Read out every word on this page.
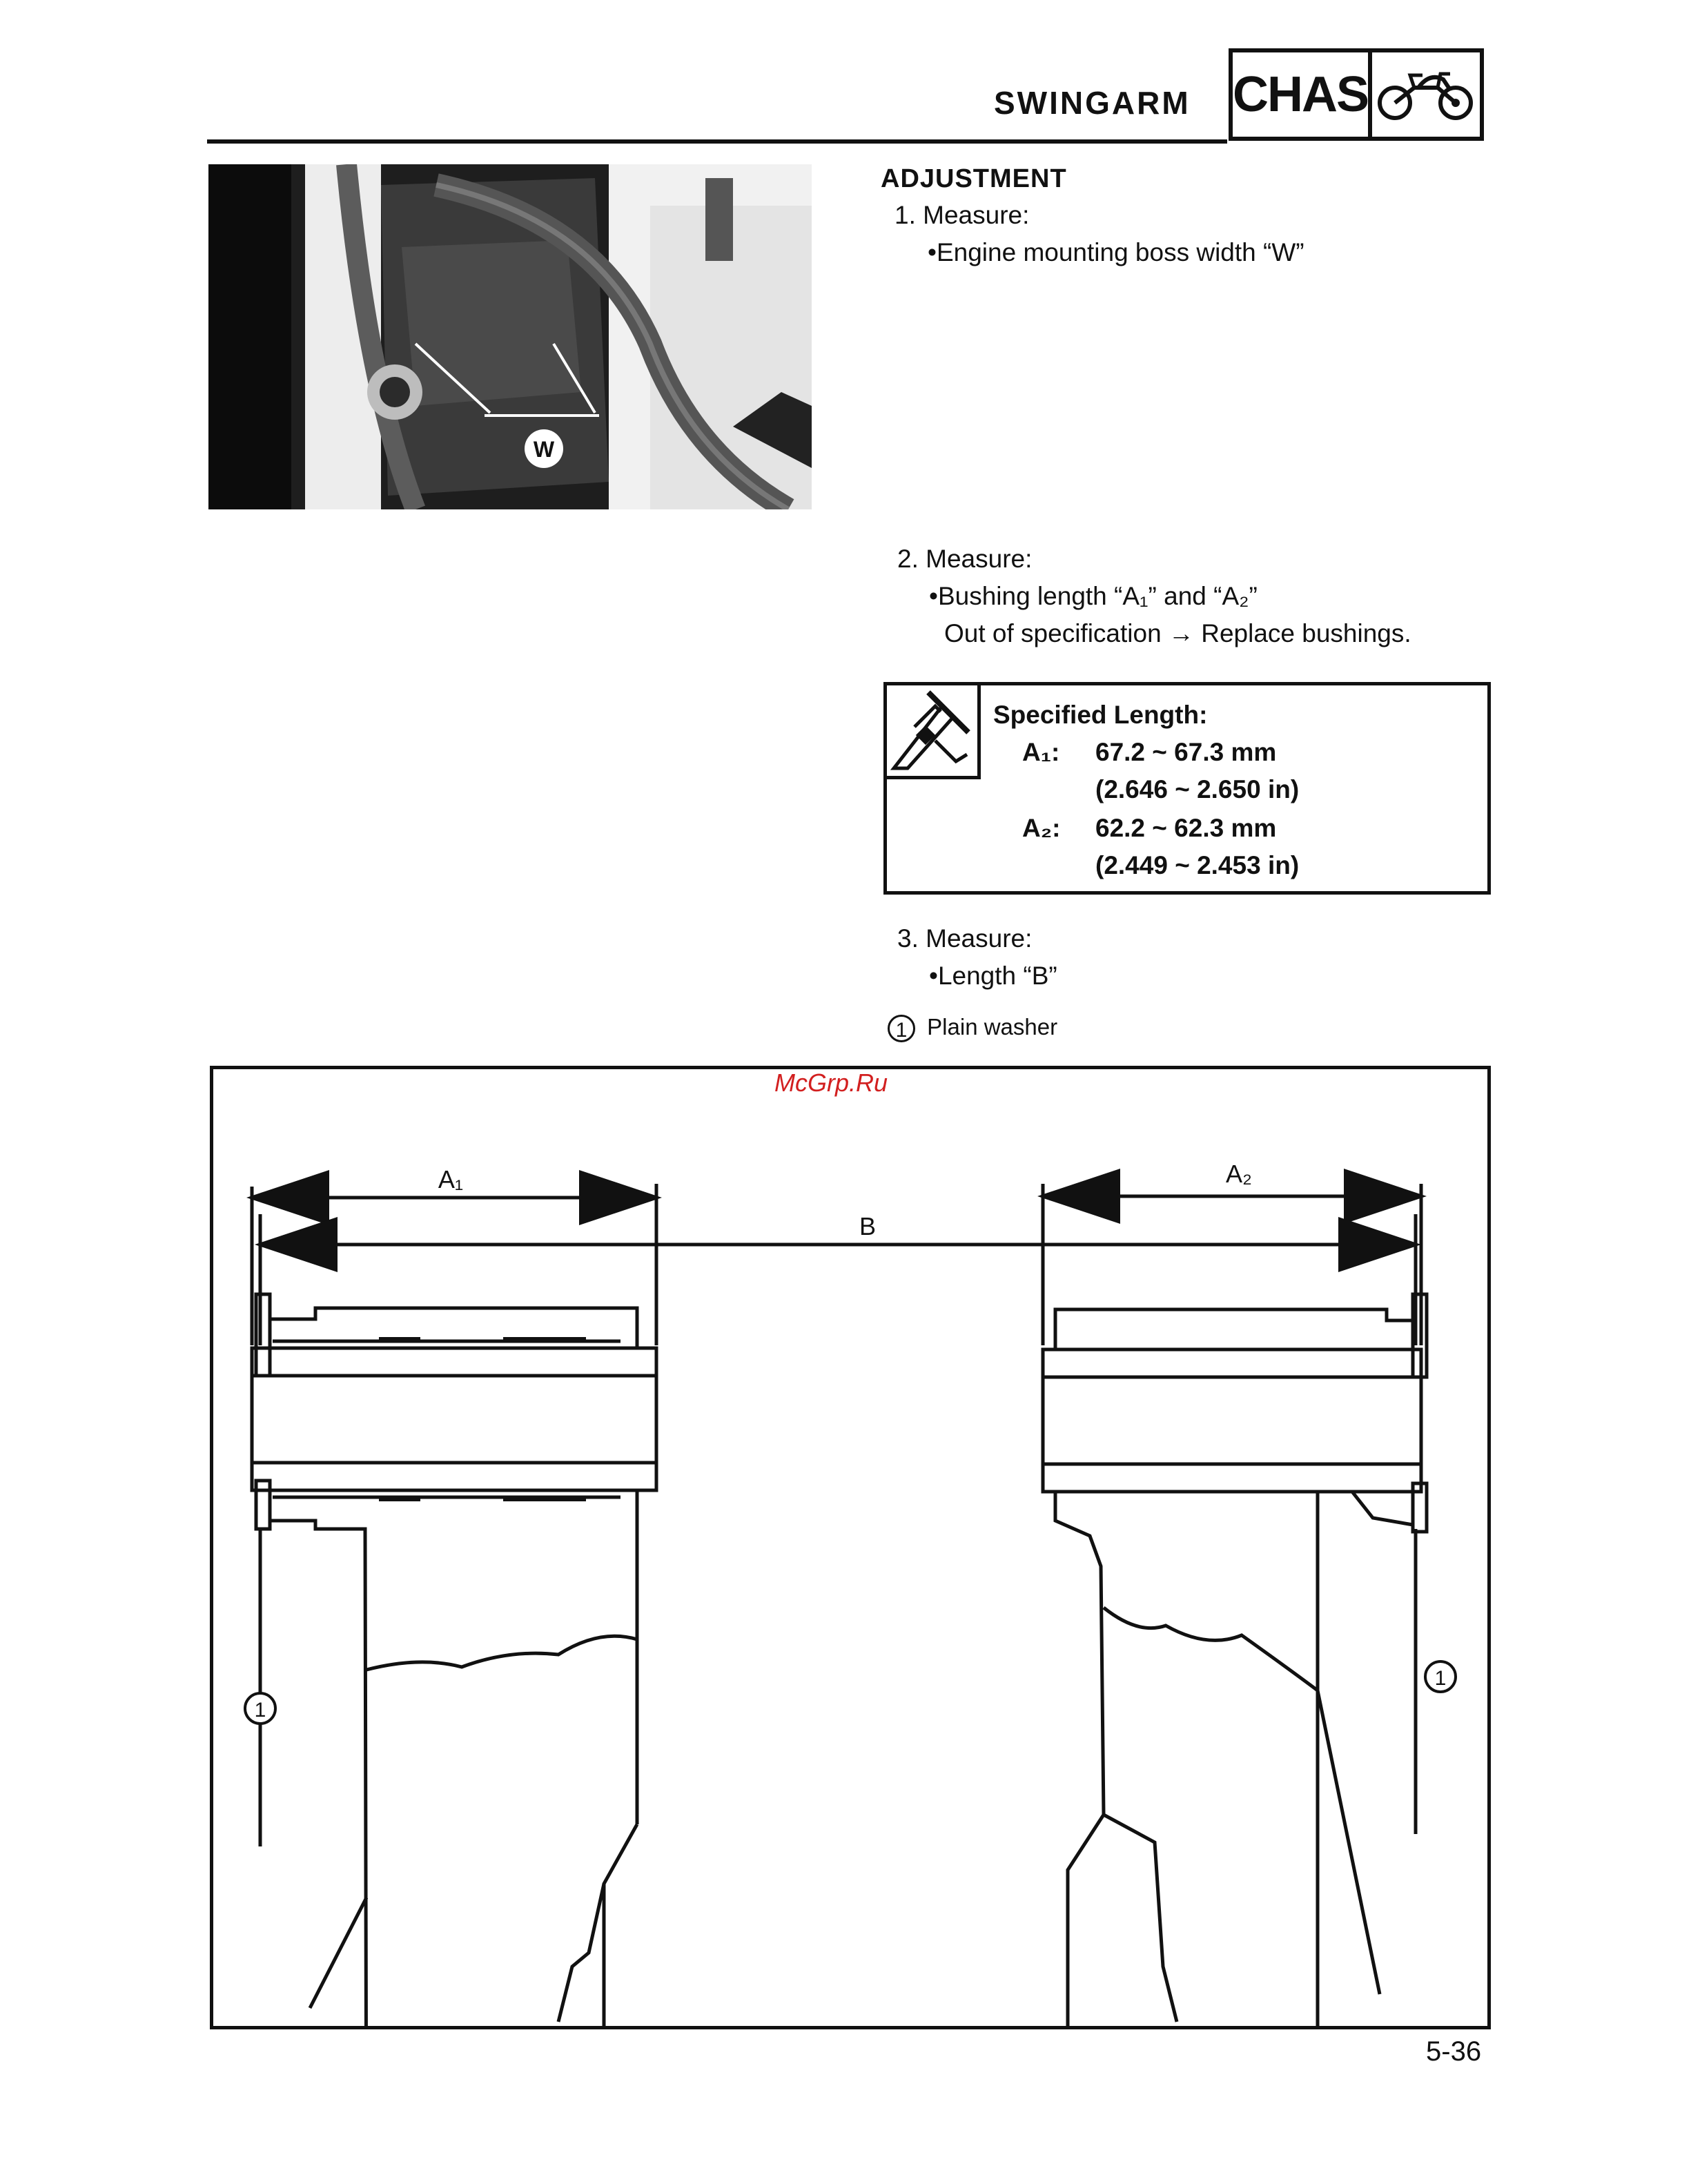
SWINGARM CHAS
W
ADJUSTMENT
1. Measure:
•Engine mounting boss width “W”
2. Measure:
•Bushing length “A₁” and “A₂”
Out of specification → Replace bushings.
Specified Length:
A₁: 67.2 ~ 67.3 mm
(2.646 ~ 2.650 in)
A₂: 62.2 ~ 62.3 mm
(2.449 ~ 2.453 in)
3. Measure:
•Length “B”
1 Plain washer
A₁	A₂
B
1
1
McGrp.Ru
5-36
